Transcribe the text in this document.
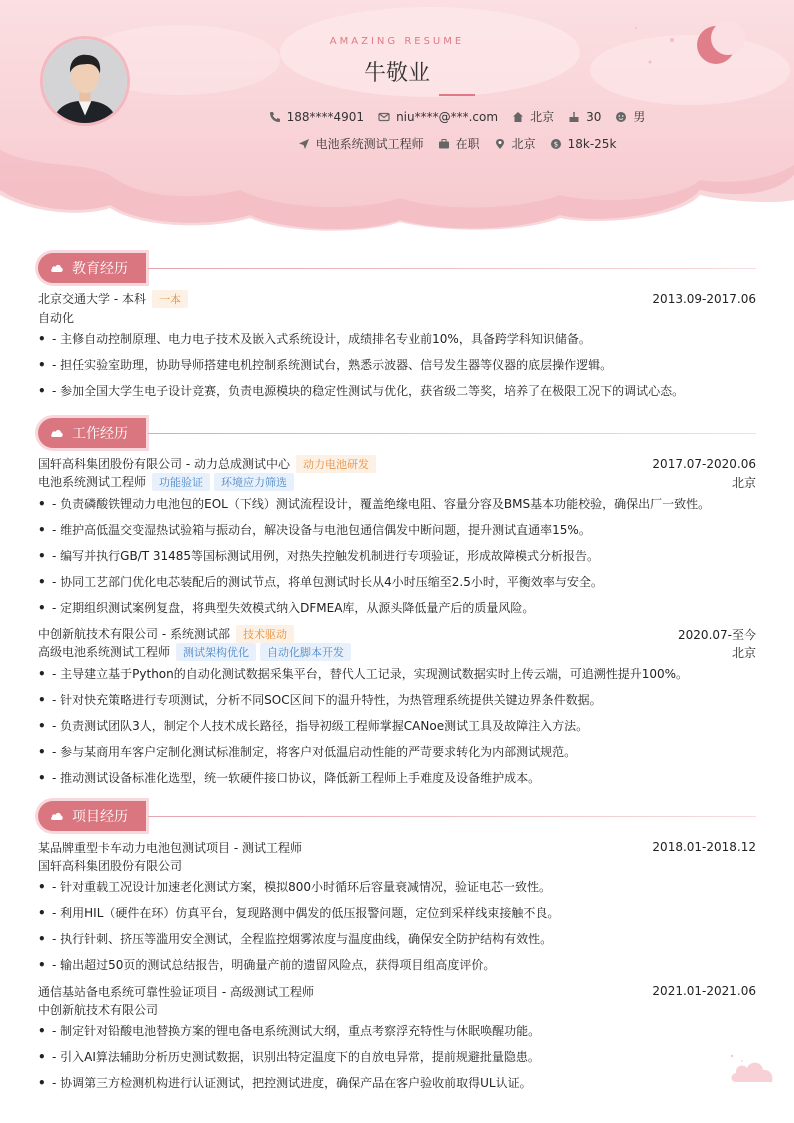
AMAZING RESUME
牛敬业
188****4901	niu****@***.com	北京	30	男
电池系统测试工程师	在职	北京	$ 18k-25k
教育经历
北京交通大学 - 本科 一本	2013.09-2017.06
自动化
• - 主修自动控制原理、电力电子技术及嵌入式系统设计，成绩排名专业前10%，具备跨学科知识储备。
• - 担任实验室助理，协助导师搭建电机控制系统测试台，熟悉示波器、信号发生器等仪器的底层操作逻辑。
• - 参加全国大学生电子设计竞赛，负责电源模块的稳定性测试与优化，获省级二等奖，培养了在极限工况下的调试心态。
工作经历
国轩高科集团股份有限公司 - 动力总成测试中心 动力电池研发	2017.07-2020.06
电池系统测试工程师 功能验证 环境应力筛选	北京
• - 负责磷酸铁锂动力电池包的EOL（下线）测试流程设计，覆盖绝缘电阻、容量分容及BMS基本功能校验，确保出厂一致性。
• - 维护高低温交变湿热试验箱与振动台，解决设备与电池包通信偶发中断问题，提升测试直通率15%。
• - 编写并执行GB/T 31485等国标测试用例，对热失控触发机制进行专项验证，形成故障模式分析报告。
• - 协同工艺部门优化电芯装配后的测试节点，将单包测试时长从4小时压缩至2.5小时，平衡效率与安全。
• - 定期组织测试案例复盘，将典型失效模式纳入DFMEA库，从源头降低量产后的质量风险。
中创新航技术有限公司 - 系统测试部 技术驱动	2020.07-至今
高级电池系统测试工程师 测试架构优化 自动化脚本开发	北京
• - 主导建立基于Python的自动化测试数据采集平台，替代人工记录，实现测试数据实时上传云端，可追溯性提升100%。
• - 针对快充策略进行专项测试，分析不同SOC区间下的温升特性，为热管理系统提供关键边界条件数据。
• - 负责测试团队3人，制定个人技术成长路径，指导初级工程师掌握CANoe测试工具及故障注入方法。
• - 参与某商用车客户定制化测试标准制定，将客户对低温启动性能的严苛要求转化为内部测试规范。
• - 推动测试设备标准化选型，统一软硬件接口协议，降低新工程师上手难度及设备维护成本。
项目经历
某品牌重型卡车动力电池包测试项目 - 测试工程师	2018.01-2018.12
国轩高科集团股份有限公司
• - 针对重载工况设计加速老化测试方案，模拟800小时循环后容量衰减情况，验证电芯一致性。
• - 利用HIL（硬件在环）仿真平台，复现路测中偶发的低压报警问题，定位到采样线束接触不良。
• - 执行针刺、挤压等滥用安全测试，全程监控烟雾浓度与温度曲线，确保安全防护结构有效性。
• - 输出超过50页的测试总结报告，明确量产前的遗留风险点，获得项目组高度评价。
通信基站备电系统可靠性验证项目 - 高级测试工程师	2021.01-2021.06
中创新航技术有限公司
• - 制定针对铅酸电池替换方案的锂电备电系统测试大纲，重点考察浮充特性与休眠唤醒功能。
• - 引入AI算法辅助分析历史测试数据，识别出特定温度下的自放电异常，提前规避批量隐患。
• - 协调第三方检测机构进行认证测试，把控测试进度，确保产品在客户验收前取得UL认证。
